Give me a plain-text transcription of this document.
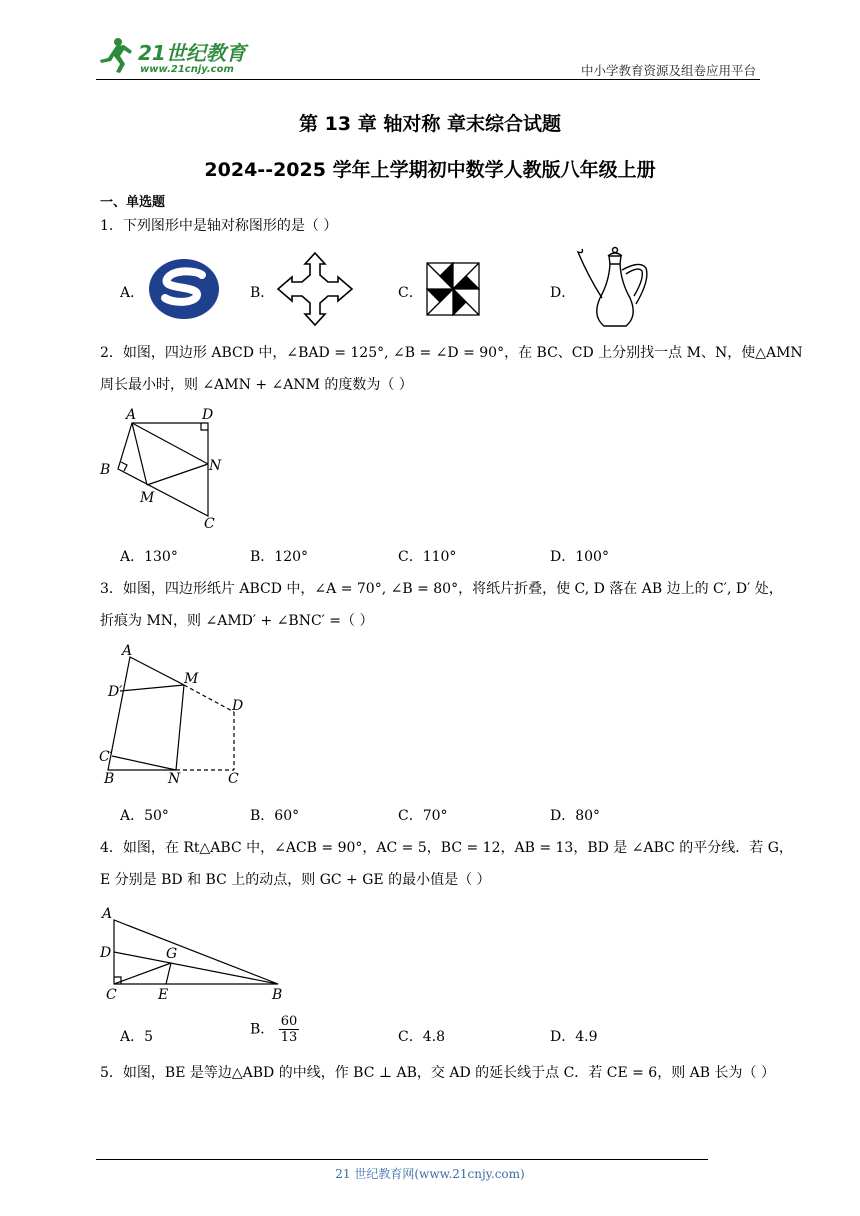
21世纪教育
www.21cnjy.com	中小学教育资源及组卷应用平台
第 13 章 轴对称 章末综合试题
2024--2025 学年上学期初中数学人教版八年级上册
一、单选题
1．下列图形中是轴对称图形的是（ ）
A．	B．	C．	D．
2．如图，四边形 ABCD 中，∠BAD = 125°, ∠B = ∠D = 90°，在 BC、CD 上分别找一点 M、N，使△AMN
周长最小时，则 ∠AMN + ∠ANM 的度数为（ ）
A	D
B	N
M
C
A．130°	B．120°	C．110°	D．100°
3．如图，四边形纸片 ABCD 中，∠A = 70°, ∠B = 80°，将纸片折叠，使 C, D 落在 AB 边上的 C′, D′ 处，
折痕为 MN，则 ∠AMD′ + ∠BNC′ =（ ）
A
M
D′
D
C′
B	N	C
A．50°	B．60°	C．70°	D．80°
4．如图，在 Rt△ABC 中，∠ACB = 90°，AC = 5，BC = 12，AB = 13，BD 是 ∠ABC 的平分线．若 G，
E 分别是 BD 和 BC 上的动点，则 GC + GE 的最小值是（ ）
A
D	G
C	E	B
A．5	B． $\frac{60}{13}$	C．4.8	D．4.9
5．如图，BE 是等边△ABD 的中线，作 BC ⊥ AB，交 AD 的延长线于点 C．若 CE = 6，则 AB 长为（ ）
21 世纪教育网(www.21cnjy.com)
